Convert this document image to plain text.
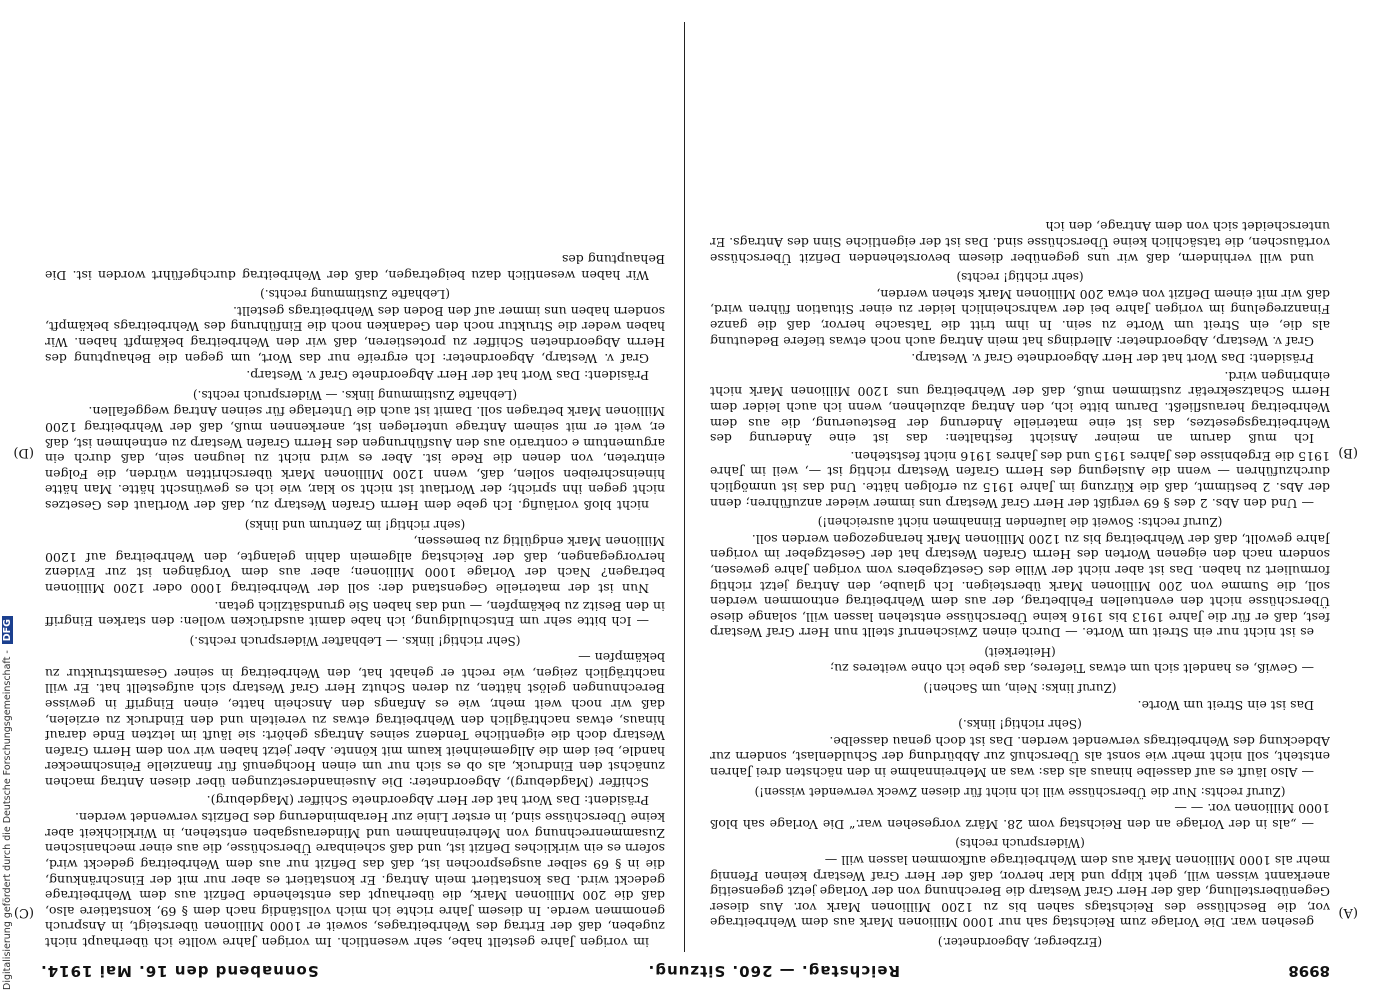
8998
Reichstag. — 260. Sitzung.
Sonnabend den 16. Mai 1914.
(A)
(B)
(C)
(D)

(Erzberger, Abgeordneter.)

gesehen war. Die Vorlage zum Reichstag sah nur 1000 Millionen Mark aus dem Wehrbeitrage vor, die Beschlüsse des Reichstags sahen bis zu 1200 Millionen Mark vor. Aus dieser Gegenüberstellung, daß der Herr Graf Westarp die Berechnung von der Vorlage jetzt gegenseitig anerkannt wissen will, geht klipp und klar hervor, daß der Herr Graf Westarp keinen Pfennig mehr als 1000 Millionen Mark aus dem Wehrbeitrage aufkommen lassen will —

(Widerspruch rechts)

— „als in der Vorlage an den Reichstag vom 28. März vorgesehen war.“ Die Vorlage sah bloß 1000 Millionen vor. — —

(Zuruf rechts: Nur die Überschüsse will ich nicht für diesen Zweck verwendet wissen!)

— Also läuft es auf dasselbe hinaus als das: was an Mehreinnahme in den nächsten drei Jahren entsteht, soll nicht mehr wie sonst als Überschuß zur Abbürdung der Schuldenlast, sondern zur Abdeckung des Wehrbeitrags verwendet werden. Das ist doch genau dasselbe.

(Sehr richtig! links.)

Das ist ein Streit um Worte.

(Zuruf links: Nein, um Sachen!)

— Gewiß, es handelt sich um etwas Tieferes, das gebe ich ohne weiteres zu;

(Heiterkeit)

es ist nicht nur ein Streit um Worte. — Durch einen Zwischenruf stellt nun Herr Graf Westarp fest, daß er für die Jahre 1913 bis 1916 keine Überschüsse entstehen lassen will, solange diese Überschüsse nicht den eventuellen Fehlbetrag, der aus dem Wehrbeitrag entnommen werden soll, die Summe von 200 Millionen Mark übersteigen. Ich glaube, den Antrag jetzt richtig formuliert zu haben. Das ist aber nicht der Wille des Gesetzgebers vom vorigen Jahre gewesen, sondern nach den eigenen Worten des Herrn Grafen Westarp hat der Gesetzgeber im vorigen Jahre gewollt, daß der Wehrbeitrag bis zu 1200 Millionen Mark herangezogen werden soll.

(Zuruf rechts: Soweit die laufenden Einnahmen nicht ausreichen!)

— Und den Abs. 2 des § 69 vergißt der Herr Graf Westarp uns immer wieder anzuführen; denn der Abs. 2 bestimmt, daß die Kürzung im Jahre 1915 zu erfolgen hätte. Und das ist unmöglich durchzuführen — wenn die Auslegung des Herrn Grafen Westarp richtig ist —, weil im Jahre 1915 die Ergebnisse des Jahres 1915 und des Jahres 1916 nicht feststehen.

Ich muß darum an meiner Ansicht festhalten: das ist eine Änderung des Wehrbeitragsgesetzes, das ist eine materielle Änderung der Besteuerung, die aus dem Wehrbeitrag herausfließt. Darum bitte ich, den Antrag abzulehnen, wenn ich auch leider dem Herrn Schatzsekretär zustimmen muß, daß der Wehrbeitrag uns 1200 Millionen Mark nicht einbringen wird.

Präsident: Das Wort hat der Herr Abgeordnete Graf v. Westarp.

Graf v. Westarp, Abgeordneter: Allerdings hat mein Antrag auch noch etwas tiefere Bedeutung als die, ein Streit um Worte zu sein. In ihm tritt die Tatsache hervor, daß die ganze Finanzregelung im vorigen Jahre bei der wahrscheinlich leider zu einer Situation führen wird, daß wir mit einem Defizit von etwa 200 Millionen Mark stehen werden,

(sehr richtig! rechts)

und will verhindern, daß wir uns gegenüber diesem bevorstehenden Defizit Überschüsse vortäuschen, die tatsächlich keine Überschüsse sind. Das ist der eigentliche Sinn des Antrags. Er unterscheidet sich von dem Antrage, den ich

im vorigen Jahre gestellt habe, sehr wesentlich. Im vorigen Jahre wollte ich überhaupt nicht zugeben, daß der Ertrag des Wehrbeitrages, soweit er 1000 Millionen übersteigt, in Anspruch genommen werde. In diesem Jahre richte ich mich vollständig nach dem § 69, konstatiere also, daß die 200 Millionen Mark, die überhaupt das entstehende Defizit aus dem Wehrbeitrage gedeckt wird. Das konstatiert mein Antrag. Er konstatiert es aber nur mit der Einschränkung, die in § 69 selber ausgesprochen ist, daß das Defizit nur aus dem Wehrbeitrag gedeckt wird, sofern es ein wirkliches Defizit ist, und daß scheinbare Überschüsse, die aus einer mechanischen Zusammenrechnung von Mehreinnahmen und Minderausgaben entstehen, in Wirklichkeit aber keine Überschüsse sind, in erster Linie zur Herabminderung des Defizits verwendet werden.

Präsident: Das Wort hat der Herr Abgeordnete Schiffer (Magdeburg).

Schiffer (Magdeburg), Abgeordneter: Die Auseinandersetzungen über diesen Antrag machen zunächst den Eindruck, als ob es sich nur um einen Hochgenuß für finanzielle Feinschmecker handle, bei dem die Allgemeinheit kaum mit könnte. Aber jetzt haben wir von dem Herrn Grafen Westarp doch die eigentliche Tendenz seines Antrags gehört: sie läuft im letzten Ende darauf hinaus, etwas nachträglich den Wehrbeitrag etwas zu vereiteln und den Eindruck zu erzielen, daß wir noch weit mehr, wie es Anfangs den Anschein hatte, einen Eingriff in gewisse Berechnungen gelöst hätten, zu deren Schutz Herr Graf Westarp sich aufgestellt hat. Er will nachträglich zeigen, wie recht er gehabt hat, den Wehrbeitrag in seiner Gesamtstruktur zu bekämpfen —

(Sehr richtig! links. — Lebhafter Widerspruch rechts.)

— Ich bitte sehr um Entschuldigung, ich habe damit ausdrücken wollen: den starken Eingriff in den Besitz zu bekämpfen, — und das haben Sie grundsätzlich getan.

Nun ist der materielle Gegenstand der: soll der Wehrbeitrag 1000 oder 1200 Millionen betragen? Nach der Vorlage 1000 Millionen; aber aus dem Vorgängen ist zur Evidenz hervorgegangen, daß der Reichstag allgemein dahin gelangte, den Wehrbeitrag auf 1200 Millionen Mark endgültig zu bemessen,

(sehr richtig! im Zentrum und links)

nicht bloß vorläufig. Ich gebe dem Herrn Grafen Westarp zu, daß der Wortlaut des Gesetzes nicht gegen ihn spricht; der Wortlaut ist nicht so klar, wie ich es gewünscht hätte. Man hätte hineinschreiben sollen, daß, wenn 1200 Millionen Mark überschritten würden, die Folgen eintreten, von denen die Rede ist. Aber es wird nicht zu leugnen sein, daß durch ein argumentum e contrario aus den Ausführungen des Herrn Grafen Westarp zu entnehmen ist, daß er, weit er mit seinem Antrage unterlegen ist, anerkennen muß, daß der Wehrbeitrag 1200 Millionen Mark betragen soll. Damit ist auch die Unterlage für seinen Antrag weggefallen.

(Lebhafte Zustimmung links. — Widerspruch rechts.)

Präsident: Das Wort hat der Herr Abgeordnete Graf v. Westarp.

Graf v. Westarp, Abgeordneter: Ich ergreife nur das Wort, um gegen die Behauptung des Herrn Abgeordneten Schiffer zu protestieren, daß wir den Wehrbeitrag bekämpft haben. Wir haben weder die Struktur noch den Gedanken noch die Einführung des Wehrbeitrags bekämpft, sondern haben uns immer auf den Boden des Wehrbeitrags gestellt.

(Lebhafte Zustimmung rechts.)

Wir haben wesentlich dazu beigetragen, daß der Wehrbeitrag durchgeführt worden ist. Die Behauptung des

Digitalisierung gefördert durch die Deutsche Forschungsgemeinschaft -DFG
